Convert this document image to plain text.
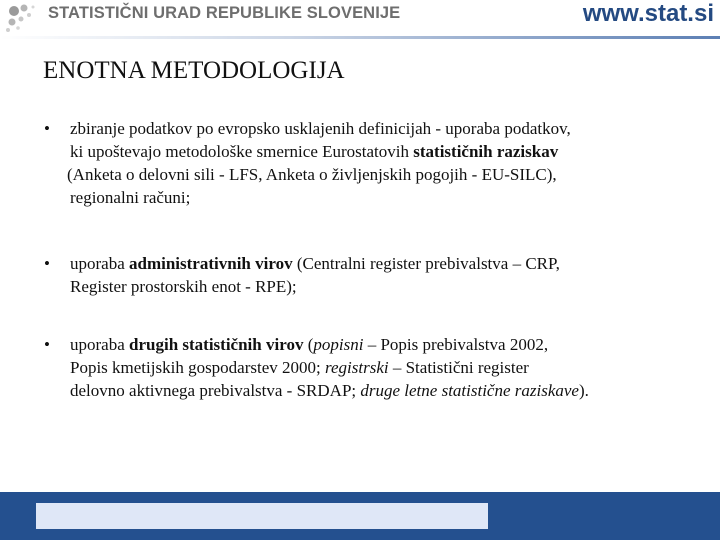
STATISTIČNI URAD REPUBLIKE SLOVENIJE	www.stat.si
ENOTNA METODOLOGIJA
• zbiranje podatkov po evropsko usklajenih definicijah - uporaba podatkov,
ki upoštevajo metodološke smernice Eurostatovih statističnih raziskav
(Anketa o delovni sili - LFS, Anketa o življenjskih pogojih - EU-SILC),
regionalni računi;
• uporaba administrativnih virov (Centralni register prebivalstva – CRP,
Register prostorskih enot - RPE);
• uporaba drugih statističnih virov (popisni – Popis prebivalstva 2002,
Popis kmetijskih gospodarstev 2000; registrski – Statistični register
delovno aktivnega prebivalstva - SRDAP; druge letne statistične raziskave).
